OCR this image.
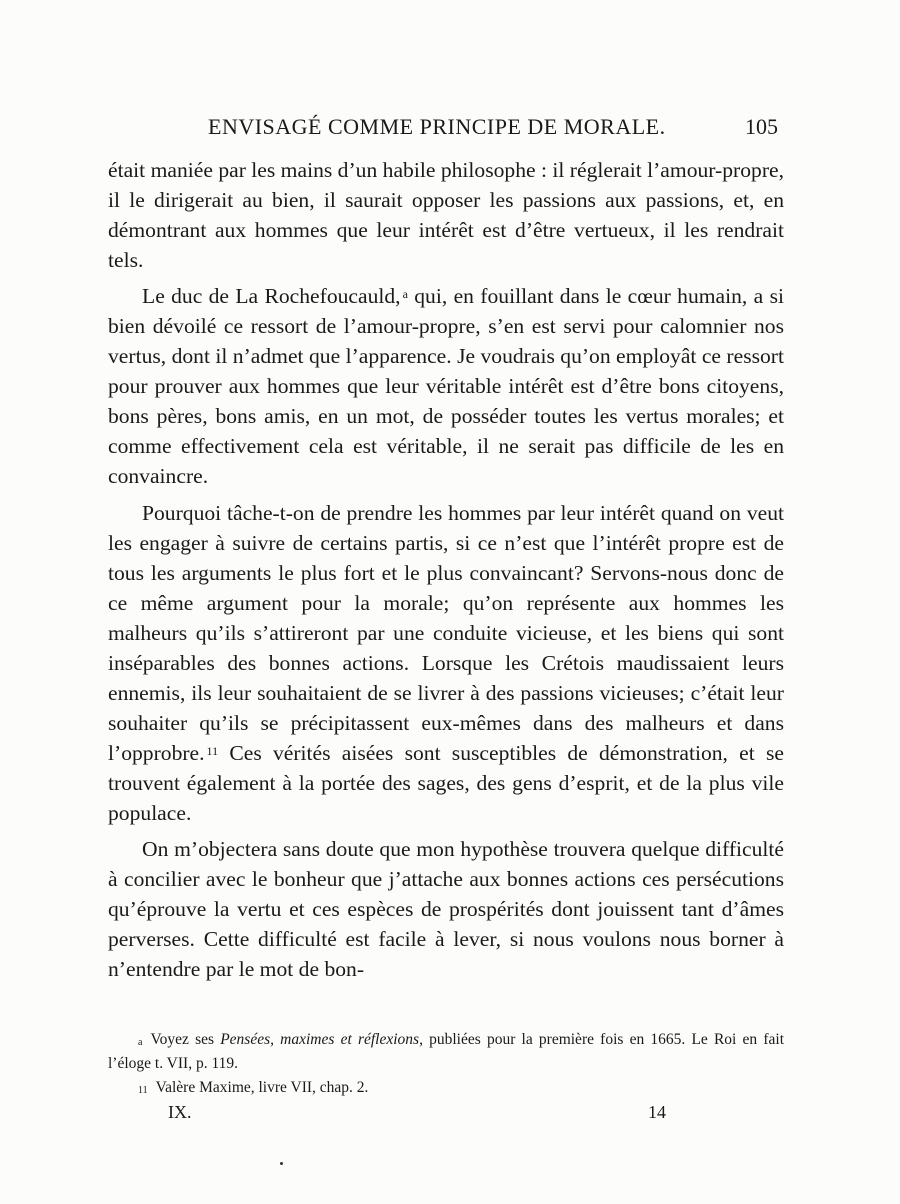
ENVISAGÉ COMME PRINCIPE DE MORALE.	105

était maniée par les mains d’un habile philosophe : il réglerait l’amour-propre, il le dirigerait au bien, il saurait opposer les passions aux passions, et, en démontrant aux hommes que leur intérêt est d’être vertueux, il les rendrait tels.

Le duc de La Rochefoucauld, $^a$ qui, en fouillant dans le cœur humain, a si bien dévoilé ce ressort de l’amour-propre, s’en est servi pour calomnier nos vertus, dont il n’admet que l’apparence. Je voudrais qu’on employât ce ressort pour prouver aux hommes que leur véritable intérêt est d’être bons citoyens, bons pères, bons amis, en un mot, de posséder toutes les vertus morales; et comme effectivement cela est véritable, il ne serait pas difficile de les en convaincre.

Pourquoi tâche-t-on de prendre les hommes par leur intérêt quand on veut les engager à suivre de certains partis, si ce n’est que l’intérêt propre est de tous les arguments le plus fort et le plus convaincant? Servons-nous donc de ce même argument pour la morale; qu’on représente aux hommes les malheurs qu’ils s’attireront par une conduite vicieuse, et les biens qui sont inséparables des bonnes actions. Lorsque les Crétois maudissaient leurs ennemis, ils leur souhaitaient de se livrer à des passions vicieuses; c’était leur souhaiter qu’ils se précipitassent eux-mêmes dans des malheurs et dans l’opprobre. $^{11}$ Ces vérités aisées sont susceptibles de démonstration, et se trouvent également à la portée des sages, des gens d’esprit, et de la plus vile populace.

On m’objectera sans doute que mon hypothèse trouvera quelque difficulté à concilier avec le bonheur que j’attache aux bonnes actions ces persécutions qu’éprouve la vertu et ces espèces de prospérités dont jouissent tant d’âmes perverses. Cette difficulté est facile à lever, si nous voulons nous borner à n’entendre par le mot de bon-

$^a$ Voyez ses Pensées, maximes et réflexions, publiées pour la première fois en 1665. Le Roi en fait l’éloge t. VII, p. 119.

$^{11}$ Valère Maxime, livre VII, chap. 2.

IX.	14
